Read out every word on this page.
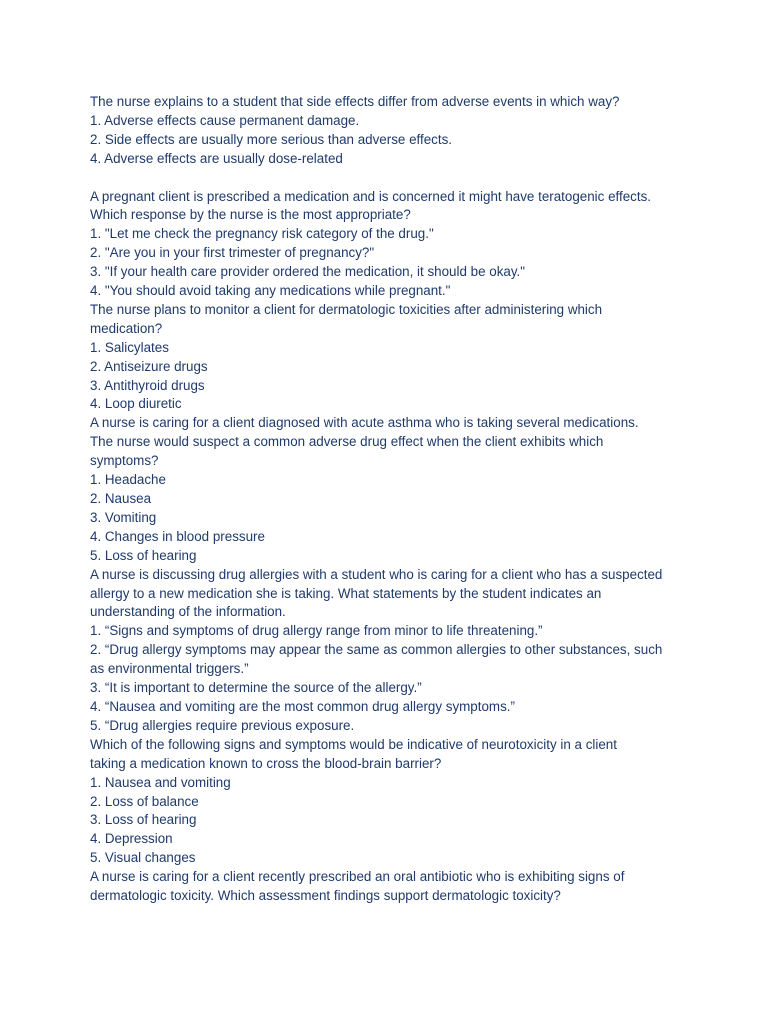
The nurse explains to a student that side effects differ from adverse events in which way?
1. Adverse effects cause permanent damage.
2. Side effects are usually more serious than adverse effects.
4. Adverse effects are usually dose-related
A pregnant client is prescribed a medication and is concerned it might have teratogenic effects.
Which response by the nurse is the most appropriate?
1. "Let me check the pregnancy risk category of the drug."
2. "Are you in your first trimester of pregnancy?"
3. "If your health care provider ordered the medication, it should be okay."
4. "You should avoid taking any medications while pregnant."
The nurse plans to monitor a client for dermatologic toxicities after administering which
medication?
1. Salicylates
2. Antiseizure drugs
3. Antithyroid drugs
4. Loop diuretic
A nurse is caring for a client diagnosed with acute asthma who is taking several medications.
The nurse would suspect a common adverse drug effect when the client exhibits which
symptoms?
1. Headache
2. Nausea
3. Vomiting
4. Changes in blood pressure
5. Loss of hearing
A nurse is discussing drug allergies with a student who is caring for a client who has a suspected
allergy to a new medication she is taking. What statements by the student indicates an
understanding of the information.
1. “Signs and symptoms of drug allergy range from minor to life threatening.”
2. “Drug allergy symptoms may appear the same as common allergies to other substances, such
as environmental triggers.”
3. “It is important to determine the source of the allergy.”
4. “Nausea and vomiting are the most common drug allergy symptoms.”
5. “Drug allergies require previous exposure.
Which of the following signs and symptoms would be indicative of neurotoxicity in a client
taking a medication known to cross the blood-brain barrier?
1. Nausea and vomiting
2. Loss of balance
3. Loss of hearing
4. Depression
5. Visual changes
A nurse is caring for a client recently prescribed an oral antibiotic who is exhibiting signs of
dermatologic toxicity. Which assessment findings support dermatologic toxicity?
